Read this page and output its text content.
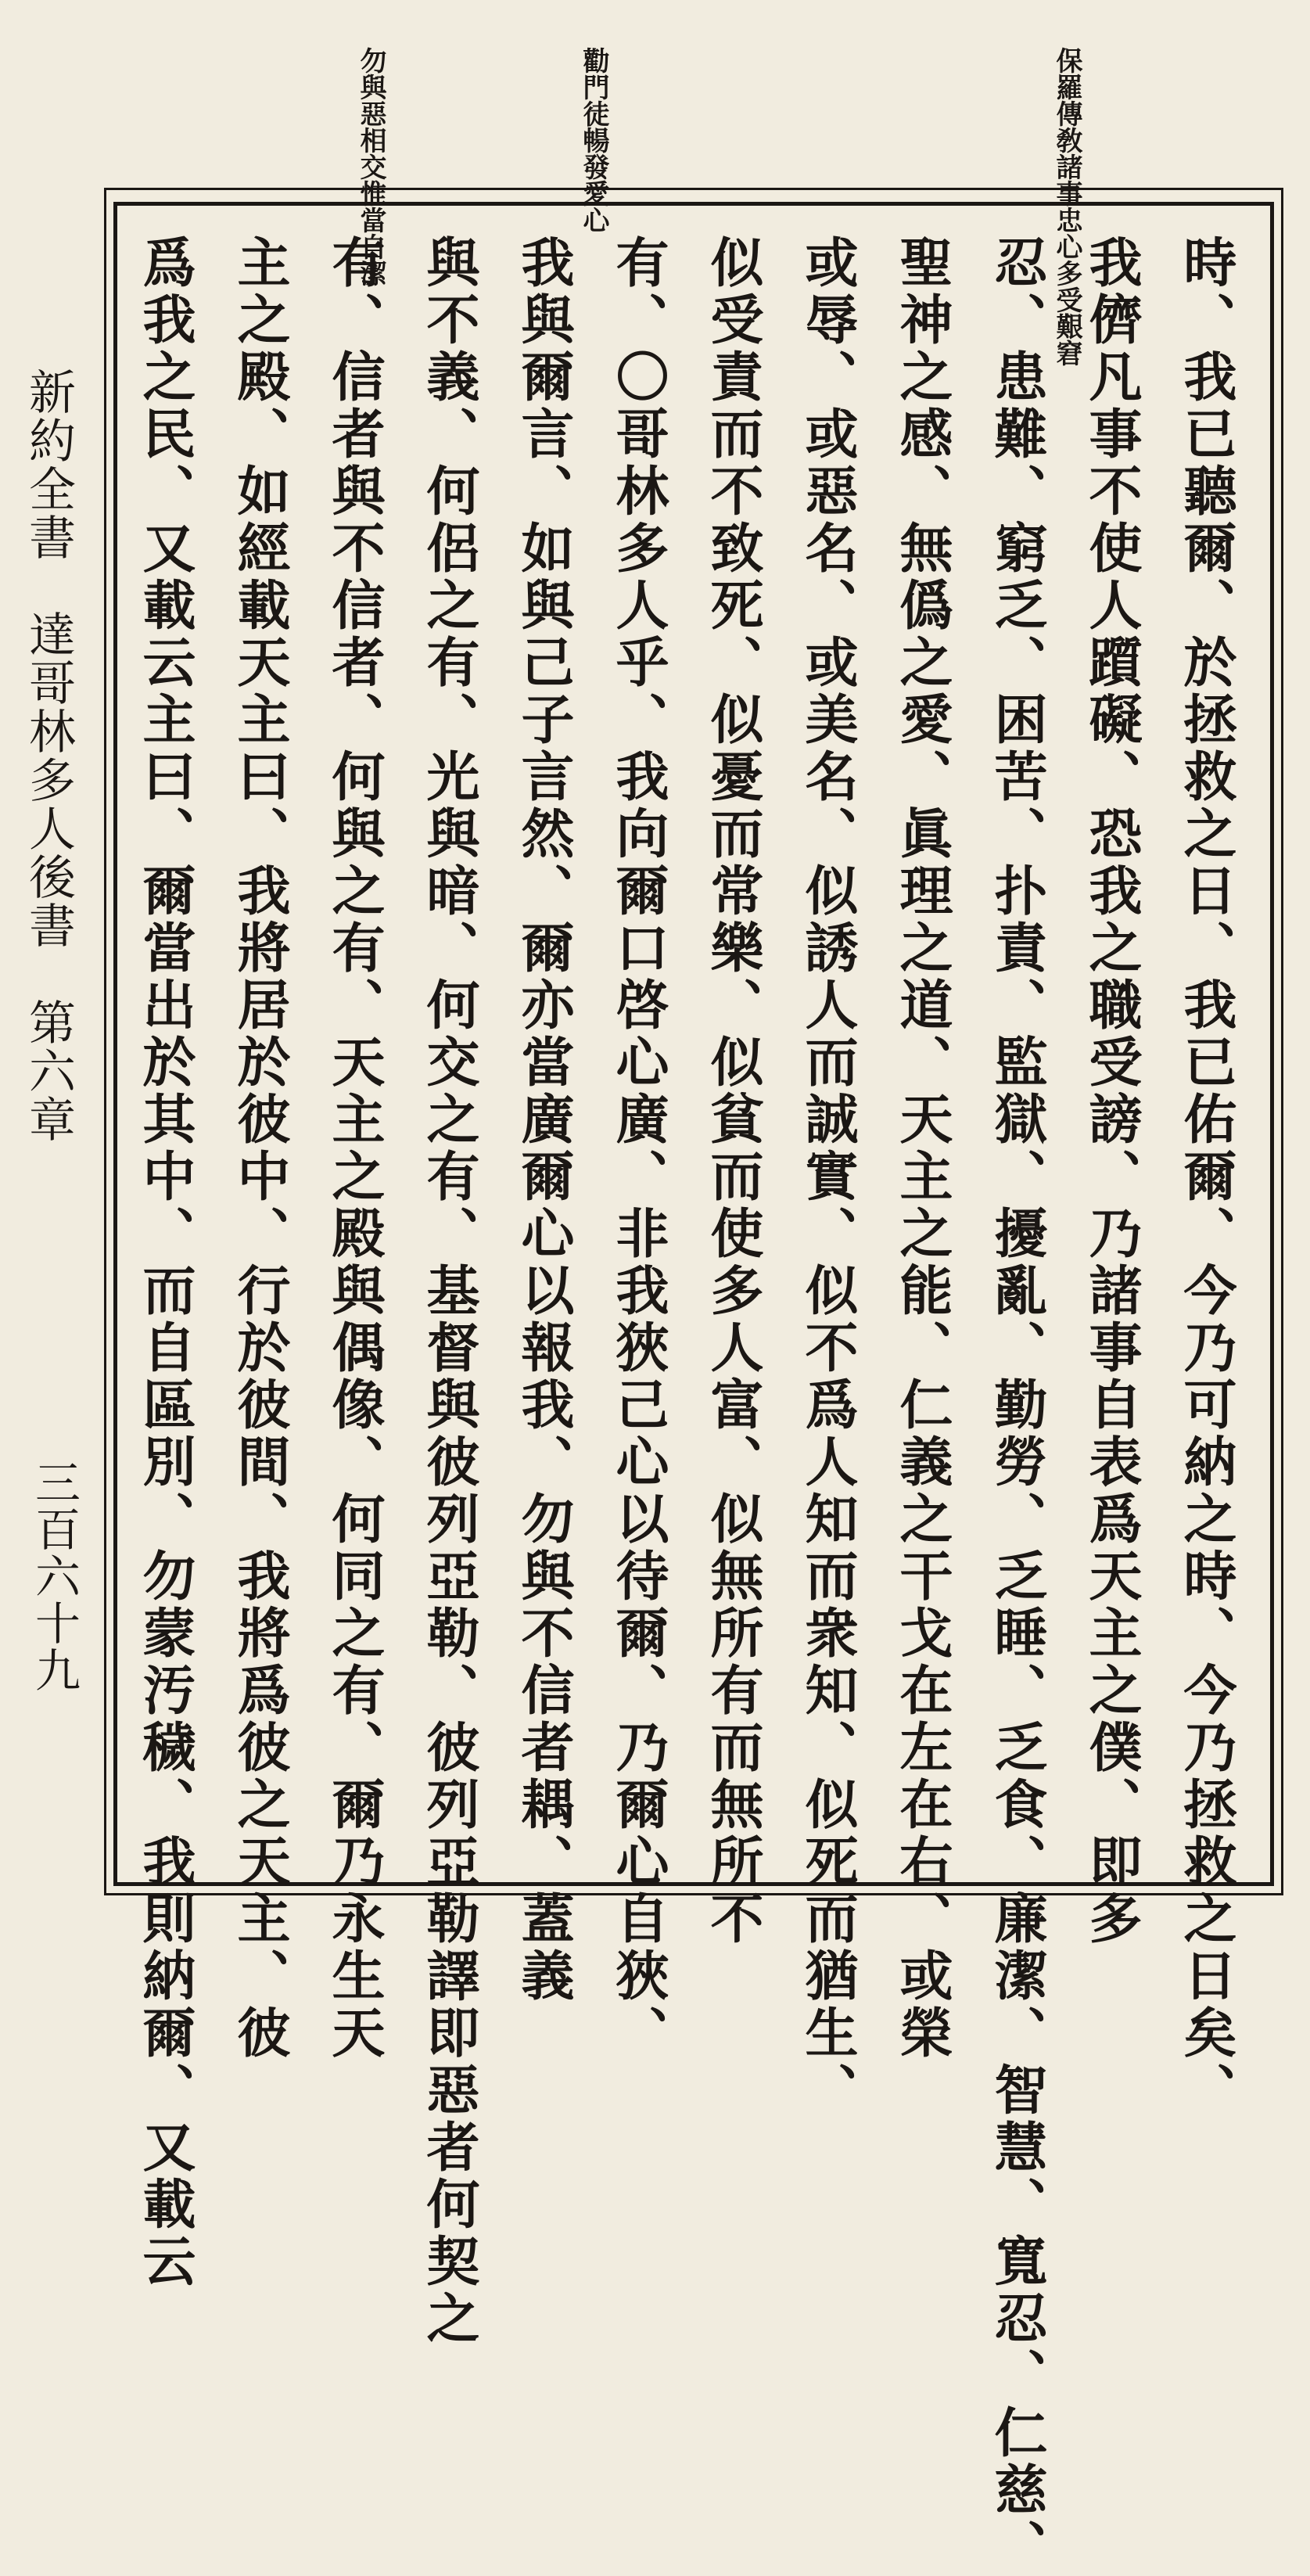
保羅傳敎諸事忠心多受艱窘
勸門徒暢發愛心
勿與惡相交惟當自潔
時、我已聽爾、於拯救之日、我已佑爾、今乃可納之時、今乃拯救之日矣、
我儕凡事不使人躓礙、恐我之職受謗、乃諸事自表爲天主之僕、即多
忍、患難、窮乏、困苦、扑責、監獄、擾亂、勤勞、乏睡、乏食、廉潔、智慧、寬忍、仁慈、
聖神之感、無僞之愛、眞理之道、天主之能、仁義之干戈在左在右、或榮
或辱、或惡名、或美名、似誘人而誠實、似不爲人知而衆知、似死而猶生、
似受責而不致死、似憂而常樂、似貧而使多人富、似無所有而無所不
有、〇哥林多人乎、我向爾口啓心廣、非我狹己心以待爾、乃爾心自狹、
我與爾言、如與己子言然、爾亦當廣爾心以報我、勿與不信者耦、蓋義
與不義、何侶之有、光與暗、何交之有、基督與彼列亞勒、彼列亞勒譯即惡者何契之
有、信者與不信者、何與之有、天主之殿與偶像、何同之有、爾乃永生天
主之殿、如經載天主曰、我將居於彼中、行於彼間、我將爲彼之天主、彼
爲我之民、又載云主曰、爾當出於其中、而自區別、勿蒙汚穢、我則納爾、又載云
新約全書　達哥林多人後書　第六章
三百六十九
